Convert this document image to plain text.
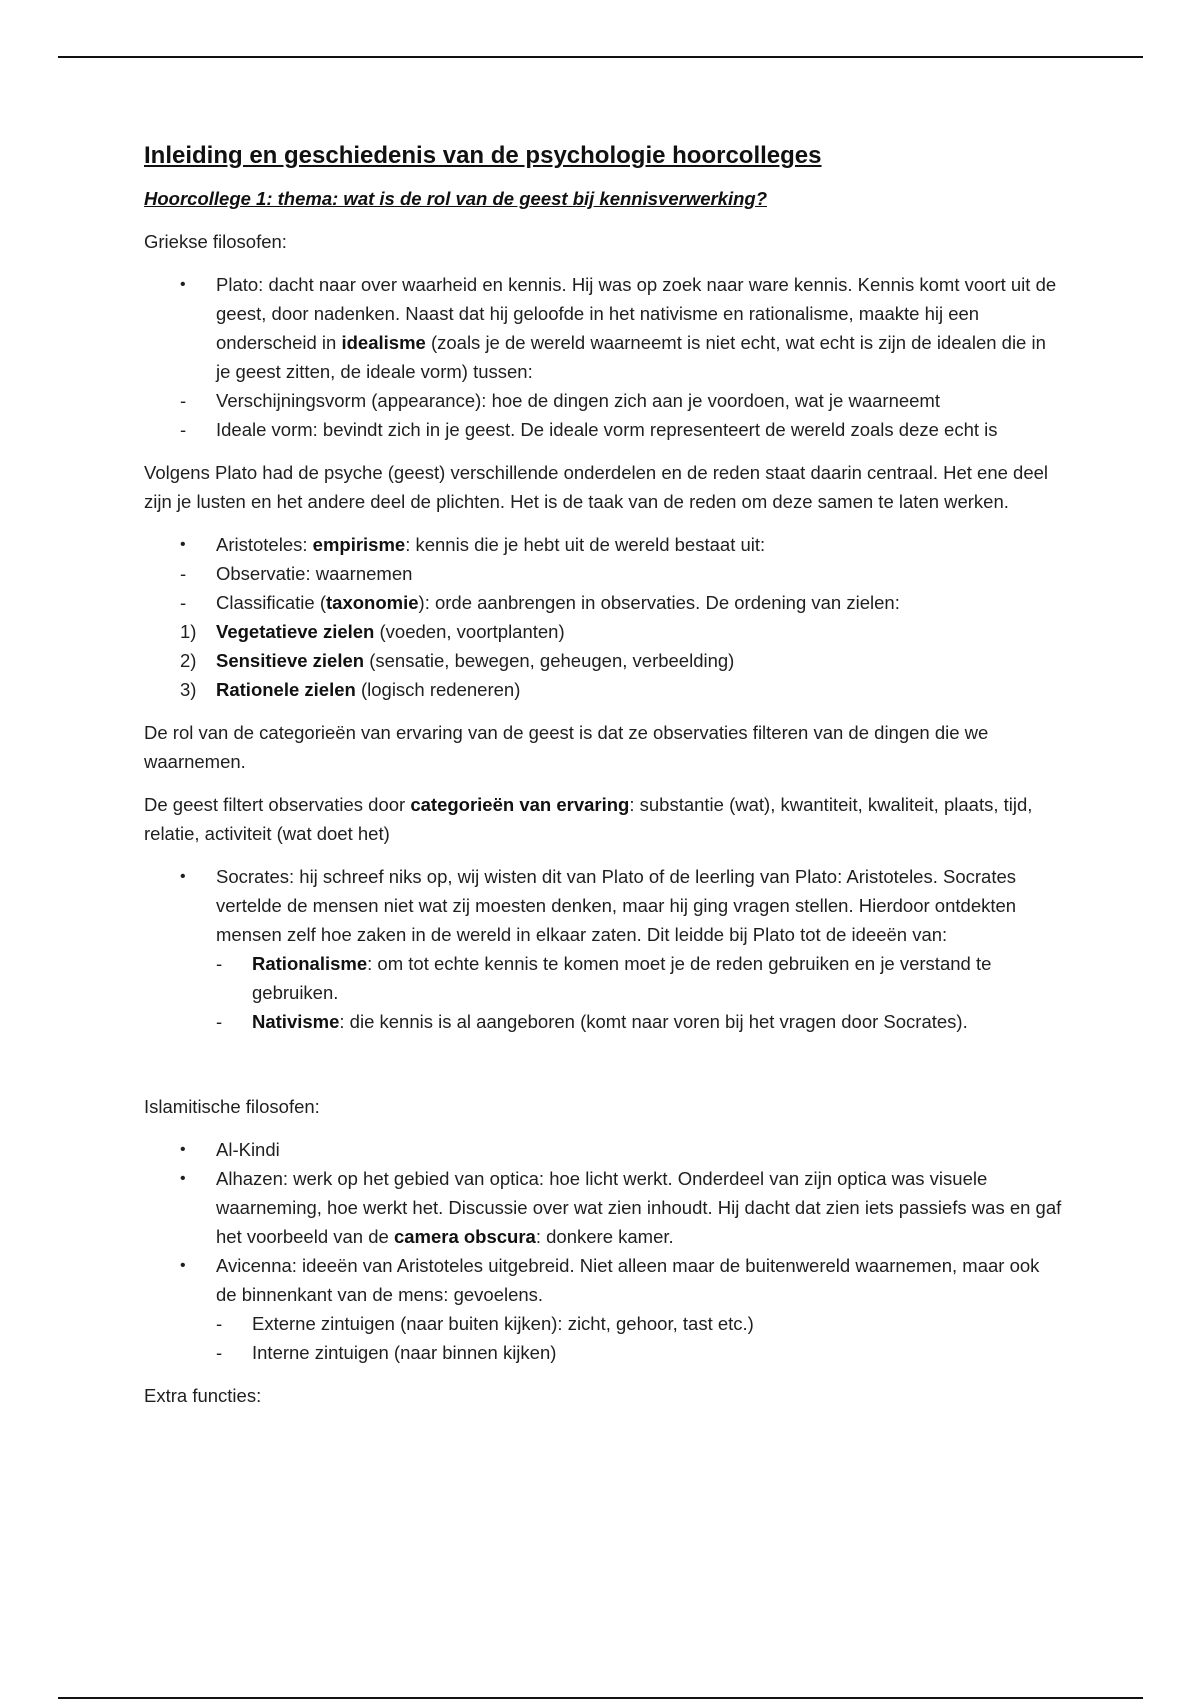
Inleiding en geschiedenis van de psychologie hoorcolleges
Hoorcollege 1: thema: wat is de rol van de geest bij kennisverwerking?

Griekse filosofen:

•	Plato: dacht naar over waarheid en kennis. Hij was op zoek naar ware kennis. Kennis komt voort uit de geest, door nadenken. Naast dat hij geloofde in het nativisme en rationalisme, maakte hij een onderscheid in idealisme (zoals je de wereld waarneemt is niet echt, wat echt is zijn de idealen die in je geest zitten, de ideale vorm) tussen:
-	Verschijningsvorm (appearance): hoe de dingen zich aan je voordoen, wat je waarneemt
-	Ideale vorm: bevindt zich in je geest. De ideale vorm representeert de wereld zoals deze echt is

Volgens Plato had de psyche (geest) verschillende onderdelen en de reden staat daarin centraal. Het ene deel zijn je lusten en het andere deel de plichten. Het is de taak van de reden om deze samen te laten werken.

•	Aristoteles: empirisme: kennis die je hebt uit de wereld bestaat uit:
-	Observatie: waarnemen
-	Classificatie (taxonomie): orde aanbrengen in observaties. De ordening van zielen:
1)	Vegetatieve zielen (voeden, voortplanten)
2)	Sensitieve zielen (sensatie, bewegen, geheugen, verbeelding)
3)	Rationele zielen (logisch redeneren)

De rol van de categorieën van ervaring van de geest is dat ze observaties filteren van de dingen die we waarnemen.

De geest filtert observaties door categorieën van ervaring: substantie (wat), kwantiteit, kwaliteit, plaats, tijd, relatie, activiteit (wat doet het)

•	Socrates: hij schreef niks op, wij wisten dit van Plato of de leerling van Plato: Aristoteles. Socrates vertelde de mensen niet wat zij moesten denken, maar hij ging vragen stellen. Hierdoor ontdekten mensen zelf hoe zaken in de wereld in elkaar zaten. Dit leidde bij Plato tot de ideeën van:
- Rationalisme: om tot echte kennis te komen moet je de reden gebruiken en je verstand te gebruiken.
- Nativisme: die kennis is al aangeboren (komt naar voren bij het vragen door Socrates).

Islamitische filosofen:

•	Al-Kindi
•	Alhazen: werk op het gebied van optica: hoe licht werkt. Onderdeel van zijn optica was visuele waarneming, hoe werkt het. Discussie over wat zien inhoudt. Hij dacht dat zien iets passiefs was en gaf het voorbeeld van de camera obscura: donkere kamer.
•	Avicenna: ideeën van Aristoteles uitgebreid. Niet alleen maar de buitenwereld waarnemen, maar ook de binnenkant van de mens: gevoelens.
- Externe zintuigen (naar buiten kijken): zicht, gehoor, tast etc.)
- Interne zintuigen (naar binnen kijken)

Extra functies:
